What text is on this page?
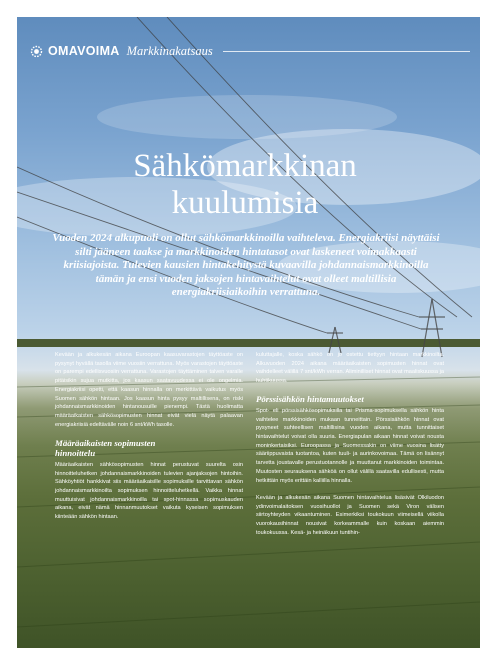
OMAVOIMA Markkinakatsaus
Sähkömarkkinan
kuulumisia
Vuoden 2024 alkupuoli on ollut sähkömarkkinoilla vaihteleva. Energiakriisi näyttäisi silti jääneen taakse ja markkinoiden hintatasot ovat laskeneet voimakkaasti kriisiajoista. Tulevien kausien hintakehitystä kuvaavilla johdannaismarkkinoilla tämän ja ensi vuoden jaksojen hintavaihtelut ovat olleet maltillisia energiakriisiaikoihin verrattuna.

Kevään ja alkukesän aikana Euroopan kaasuvarastojen täyttöaste on pysynyt hyvällä tasolla viime vuosiin verrattuna. Myös varastojen täyttöaste on parempi edellisvuosiin verrattuna. Varastojen täyttäminen talven varalle pitäisikin sujua mutkitta, jos kaasun saatavuudessa ei ole ongelmia. Energiakriisi opetti, että kaasun hinnalla on merkittävä vaikutus myös Suomen sähkön hintaan. Jos kaasun hinta pysyy maltillisena, on riski johdannaismarkkinoiden hintanousuille pienempi. Tästä huolimatta määräaikaisten sähkösopimusten hinnat eivät vielä näytä palaavan energiakriisiä edeltävälle noin 6 snt/kWh tasolle.

Määräaikaisten sopimusten
hinnoittelu

Määräaikaisten sähkösopimusten hinnat perustuvat suurelta osin hinnoitteluhetken johdannaismarkkinoiden tulevien ajanjaksojen hintoihin. Sähköyhtiöt hankkivat siis määräaikaisille sopimuksille tarvittavan sähkön johdannaismarkkinoilta sopimuksen hinnoitteluhetkellä. Vaikka hinnat muuttuisivat johdannaismarkkinoilla tai spot-hinnassa sopimuskauden aikana, eivät nämä hinnanmuutokset vaikuta kyseisen sopimuksen kiinteään sähkön hintaan.

kuluttajalle, koska sähkö on jo ostettu tiettyyn hintaan markkinoilta. Alkuvuoden 2024 aikana määräaikaisten sopimusten hinnat ovat vaihdelleet välillä 7 snt/kWh verran. Aliminilliset hinnat ovat maaliskuussa ja huhtikuussa.

Pörssisähkön hintamuutokset

Spot- eli pörssisähkösopimuksilla tai Prisma-sopimuksella sähkön hinta vaihtelee markkinoiden mukaan tunneittain. Pörssisähkön hinnat ovat pysyneet suhteellisen maltillisina vuoden aikana, mutta tunnittaiset hintavaihtelut voivat olla suuria. Energiapulan aikaan hinnat voivat nousta moninkertaisiksi. Euroopassa ja Suomessakin on viime vuosina lisätty sääriippuvaista tuotantoa, kuten tuuli- ja aurinkovoimaa. Tämä on lisännyt tarvetta joustavalle perustuotannolle ja muuttanut markkinoiden toimintaa. Muutosten seurauksena sähköä on ollut välillä saatavilla edullisesti, mutta hetkittäin myös erittäin kalliilla hinnalla.

Kevään ja alkukesän aikana Suomen hintavaihtelua lisäsivät Olkiluodon ydinvoimalaitoksen vuosihuollot ja Suomen sekä Viron välisen siirtoyhteyden vikaantuminen. Esimerkiksi toukokuun viimeisellä viikolla vuorokausihinnat nousivat korkeammalle kuin koskaan aiemmin toukokuussa. Kesä- ja heinäkuun tuntihin-
